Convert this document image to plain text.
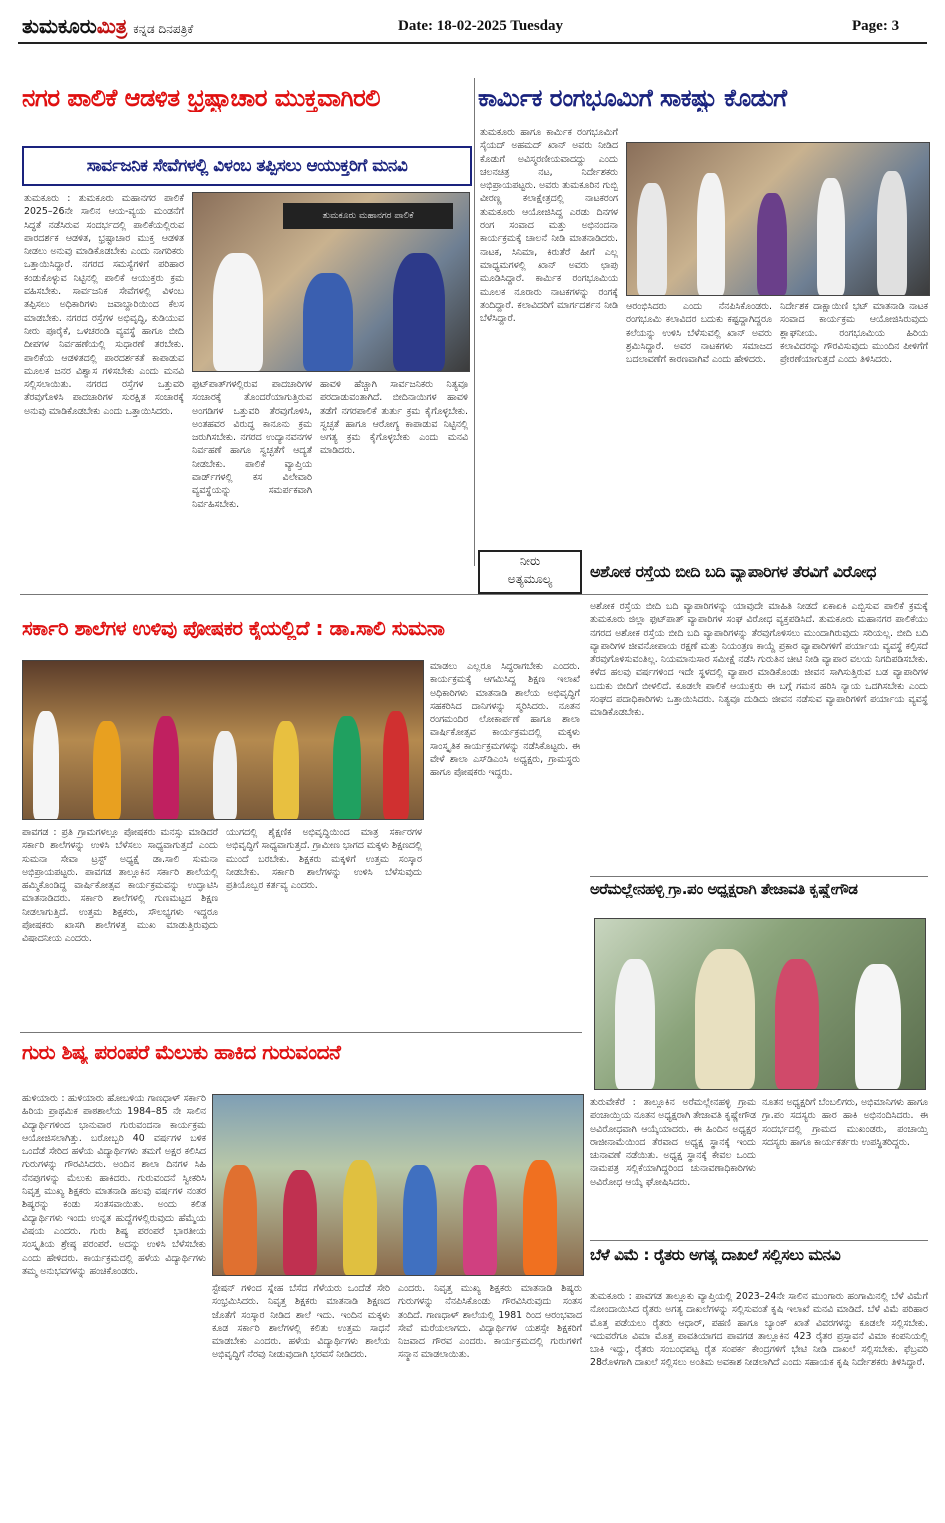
ತುಮಕೂರುಮಿತ್ರ ಕನ್ನಡ ದಿನಪತ್ರಿಕೆ	Date: 18-02-2025 Tuesday	Page: 3
ನಗರ ಪಾಲಿಕೆ ಆಡಳಿತ ಭ್ರಷ್ಟಾಚಾರ ಮುಕ್ತವಾಗಿರಲಿ	ಕಾರ್ಮಿಕ ರಂಗಭೂಮಿಗೆ ಸಾಕಷ್ಟು ಕೊಡುಗೆ
ಸಾರ್ವಜನಿಕ ಸೇವೆಗಳಲ್ಲಿ ವಿಳಂಬ ತಪ್ಪಿಸಲು ಆಯುಕ್ತರಿಗೆ ಮನವಿ
ತುಮಕೂರು : ತುಮಕೂರು ಮಹಾನಗರ ಪಾಲಿಕೆ 2025–26ನೇ ಸಾಲಿನ ಆಯ-ವ್ಯಯ ಮಂಡನೆಗೆ ಸಿದ್ಧತೆ ನಡೆಸಿರುವ ಸಂದರ್ಭದಲ್ಲಿ ಪಾಲಿಕೆಯಲ್ಲಿರುವ ಪಾರದರ್ಶಕ ಆಡಳಿತ, ಭ್ರಷ್ಟಾಚಾರ ಮುಕ್ತ ಆಡಳಿತ ನೀಡಲು ಅನುವು ಮಾಡಿಕೊಡಬೇಕು ಎಂದು ನಾಗರಿಕರು ಒತ್ತಾಯಿಸಿದ್ದಾರೆ. ನಗರದ ಸಮಸ್ಯೆಗಳಿಗೆ ಪರಿಹಾರ ಕಂಡುಕೊಳ್ಳುವ ನಿಟ್ಟಿನಲ್ಲಿ ಪಾಲಿಕೆ ಆಯುಕ್ತರು ಕ್ರಮ ವಹಿಸಬೇಕು. ಸಾರ್ವಜನಿಕ ಸೇವೆಗಳಲ್ಲಿ ವಿಳಂಬ ತಪ್ಪಿಸಲು ಅಧಿಕಾರಿಗಳು ಜವಾಬ್ದಾರಿಯಿಂದ ಕೆಲಸ ಮಾಡಬೇಕು. ನಗರದ ರಸ್ತೆಗಳ ಅಭಿವೃದ್ಧಿ, ಕುಡಿಯುವ ನೀರು ಪೂರೈಕೆ, ಒಳಚರಂಡಿ ವ್ಯವಸ್ಥೆ ಹಾಗೂ ಬೀದಿ ದೀಪಗಳ ನಿರ್ವಹಣೆಯಲ್ಲಿ ಸುಧಾರಣೆ ತರಬೇಕು. ಪಾಲಿಕೆಯ ಆಡಳಿತದಲ್ಲಿ ಪಾರದರ್ಶಕತೆ ಕಾಪಾಡುವ ಮೂಲಕ ಜನರ ವಿಶ್ವಾಸ ಗಳಿಸಬೇಕು ಎಂದು ಮನವಿ ಸಲ್ಲಿಸಲಾಯಿತು. ನಗರದ ರಸ್ತೆಗಳ ಒತ್ತುವರಿ ತೆರವುಗೊಳಿಸಿ ಪಾದಚಾರಿಗಳ ಸುರಕ್ಷಿತ ಸಂಚಾರಕ್ಕೆ ಅನುವು ಮಾಡಿಕೊಡಬೇಕು ಎಂದು ಒತ್ತಾಯಿಸಿದರು.
ತುಮಕೂರು ಮಹಾನಗರ ಪಾಲಿಕೆ
ಫುಟ್‌ಪಾತ್‌ಗಳಲ್ಲಿರುವ ಪಾದಚಾರಿಗಳ ಸಂಚಾರಕ್ಕೆ ತೊಂದರೆಯಾಗುತ್ತಿರುವ ಅಂಗಡಿಗಳ ಒತ್ತುವರಿ ತೆರವುಗೊಳಿಸಿ, ಅಂತಹವರ ವಿರುದ್ಧ ಕಾನೂನು ಕ್ರಮ ಜರುಗಿಸಬೇಕು. ನಗರದ ಉದ್ಯಾನವನಗಳ ನಿರ್ವಹಣೆ ಹಾಗೂ ಸ್ವಚ್ಛತೆಗೆ ಆದ್ಯತೆ ನೀಡಬೇಕು. ಪಾಲಿಕೆ ವ್ಯಾಪ್ತಿಯ ವಾರ್ಡ್‌ಗಳಲ್ಲಿ ಕಸ ವಿಲೇವಾರಿ ವ್ಯವಸ್ಥೆಯನ್ನು ಸಮರ್ಪಕವಾಗಿ ನಿರ್ವಹಿಸಬೇಕು.
ಹಾವಳಿ ಹೆಚ್ಚಾಗಿ ಸಾರ್ವಜನಿಕರು ನಿತ್ಯವೂ ಪರದಾಡುವಂತಾಗಿದೆ. ಬೀದಿನಾಯಿಗಳ ಹಾವಳಿ ತಡೆಗೆ ನಗರಪಾಲಿಕೆ ತುರ್ತು ಕ್ರಮ ಕೈಗೊಳ್ಳಬೇಕು. ಸ್ವಚ್ಛತೆ ಹಾಗೂ ಆರೋಗ್ಯ ಕಾಪಾಡುವ ನಿಟ್ಟಿನಲ್ಲಿ ಅಗತ್ಯ ಕ್ರಮ ಕೈಗೊಳ್ಳಬೇಕು ಎಂದು ಮನವಿ ಮಾಡಿದರು.
ತುಮಕೂರು ಹಾಗೂ ಕಾರ್ಮಿಕ ರಂಗಭೂಮಿಗೆ ಸೈಯದ್ ಅಹಮದ್ ಖಾನ್ ಅವರು ನೀಡಿದ ಕೊಡುಗೆ ಅವಿಸ್ಮರಣೀಯವಾದದ್ದು ಎಂದು ಚಲನಚಿತ್ರ ನಟ, ನಿರ್ದೇಶಕರು ಅಭಿಪ್ರಾಯಪಟ್ಟರು. ಅವರು ತುಮಕೂರಿನ ಗುಬ್ಬಿ ವೀರಣ್ಣ ಕಲಾಕ್ಷೇತ್ರದಲ್ಲಿ ನಾಟಕರಂಗ ತುಮಕೂರು ಆಯೋಜಿಸಿದ್ದ ಎರಡು ದಿನಗಳ ರಂಗ ಸಂವಾದ ಮತ್ತು ಅಭಿನಂದನಾ ಕಾರ್ಯಕ್ರಮಕ್ಕೆ ಚಾಲನೆ ನೀಡಿ ಮಾತನಾಡಿದರು. ನಾಟಕ, ಸಿನಿಮಾ, ಕಿರುತೆರೆ ಹೀಗೆ ಎಲ್ಲ ಮಾಧ್ಯಮಗಳಲ್ಲಿ ಖಾನ್ ಅವರು ಛಾಪು ಮೂಡಿಸಿದ್ದಾರೆ. ಕಾರ್ಮಿಕ ರಂಗಭೂಮಿಯ ಮೂಲಕ ನೂರಾರು ನಾಟಕಗಳನ್ನು ರಂಗಕ್ಕೆ ತಂದಿದ್ದಾರೆ. ಕಲಾವಿದರಿಗೆ ಮಾರ್ಗದರ್ಶನ ನೀಡಿ ಬೆಳೆಸಿದ್ದಾರೆ.
ಆರಂಭಿಸಿದರು ಎಂದು ನೆನಪಿಸಿಕೊಂಡರು. ರಂಗಭೂಮಿ ಕಲಾವಿದರ ಬದುಕು ಕಷ್ಟದ್ದಾಗಿದ್ದರೂ ಕಲೆಯನ್ನು ಉಳಿಸಿ ಬೆಳೆಸುವಲ್ಲಿ ಖಾನ್ ಅವರು ಶ್ರಮಿಸಿದ್ದಾರೆ. ಅವರ ನಾಟಕಗಳು ಸಮಾಜದ ಬದಲಾವಣೆಗೆ ಕಾರಣವಾಗಿವೆ ಎಂದು ಹೇಳಿದರು.
ನಿರ್ದೇಶಕ ದಾಕ್ಷಾಯಿಣಿ ಭಟ್ ಮಾತನಾಡಿ ನಾಟಕ ಸಂವಾದ ಕಾರ್ಯಕ್ರಮ ಆಯೋಜಿಸಿರುವುದು ಶ್ಲಾಘನೀಯ. ರಂಗಭೂಮಿಯ ಹಿರಿಯ ಕಲಾವಿದರನ್ನು ಗೌರವಿಸುವುದು ಮುಂದಿನ ಪೀಳಿಗೆಗೆ ಪ್ರೇರಣೆಯಾಗುತ್ತದೆ ಎಂದು ತಿಳಿಸಿದರು.
ನೀರು
ಅತ್ಯಮೂಲ್ಯ	ಅಶೋಕ ರಸ್ತೆಯ ಬೀದಿ ಬದಿ ವ್ಯಾಪಾರಿಗಳ ತೆರವಿಗೆ ವಿರೋಧ
ಸರ್ಕಾರಿ ಶಾಲೆಗಳ ಉಳಿವು ಪೋಷಕರ ಕೈಯಲ್ಲಿದೆ : ಡಾ.ಸಾಲಿ ಸುಮನಾ
ಅಶೋಕ ರಸ್ತೆಯ ಬೀದಿ ಬದಿ ವ್ಯಾಪಾರಿಗಳನ್ನು ಯಾವುದೇ ಮಾಹಿತಿ ನೀಡದೆ ಏಕಾಏಕಿ ಎಬ್ಬಿಸುವ ಪಾಲಿಕೆ ಕ್ರಮಕ್ಕೆ ತುಮಕೂರು ಜಿಲ್ಲಾ ಫುಟ್‌ಪಾತ್ ವ್ಯಾಪಾರಿಗಳ ಸಂಘ ವಿರೋಧ ವ್ಯಕ್ತಪಡಿಸಿದೆ. ತುಮಕೂರು ಮಹಾನಗರ ಪಾಲಿಕೆಯು ನಗರದ ಅಶೋಕ ರಸ್ತೆಯ ಬೀದಿ ಬದಿ ವ್ಯಾಪಾರಿಗಳನ್ನು ತೆರವುಗೊಳಿಸಲು ಮುಂದಾಗಿರುವುದು ಸರಿಯಲ್ಲ. ಬೀದಿ ಬದಿ ವ್ಯಾಪಾರಿಗಳ ಜೀವನೋಪಾಯ ರಕ್ಷಣೆ ಮತ್ತು ನಿಯಂತ್ರಣ ಕಾಯ್ದೆ ಪ್ರಕಾರ ವ್ಯಾಪಾರಿಗಳಿಗೆ ಪರ್ಯಾಯ ವ್ಯವಸ್ಥೆ ಕಲ್ಪಿಸದೆ ತೆರವುಗೊಳಿಸುವಂತಿಲ್ಲ. ನಿಯಮಾನುಸಾರ ಸಮೀಕ್ಷೆ ನಡೆಸಿ ಗುರುತಿನ ಚೀಟಿ ನೀಡಿ ವ್ಯಾಪಾರ ವಲಯ ನಿಗದಿಪಡಿಸಬೇಕು. ಕಳೆದ ಹಲವು ವರ್ಷಗಳಿಂದ ಇದೇ ಸ್ಥಳದಲ್ಲಿ ವ್ಯಾಪಾರ ಮಾಡಿಕೊಂಡು ಜೀವನ ಸಾಗಿಸುತ್ತಿರುವ ಬಡ ವ್ಯಾಪಾರಿಗಳ ಬದುಕು ಬೀದಿಗೆ ಬೀಳಲಿದೆ. ಕೂಡಲೇ ಪಾಲಿಕೆ ಆಯುಕ್ತರು ಈ ಬಗ್ಗೆ ಗಮನ ಹರಿಸಿ ನ್ಯಾಯ ಒದಗಿಸಬೇಕು ಎಂದು ಸಂಘದ ಪದಾಧಿಕಾರಿಗಳು ಒತ್ತಾಯಿಸಿದರು. ನಿತ್ಯವೂ ದುಡಿದು ಜೀವನ ನಡೆಸುವ ವ್ಯಾಪಾರಿಗಳಿಗೆ ಪರ್ಯಾಯ ವ್ಯವಸ್ಥೆ ಮಾಡಿಕೊಡಬೇಕು.
ಮಾಡಲು ಎಲ್ಲರೂ ಸಿದ್ಧರಾಗಬೇಕು ಎಂದರು. ಕಾರ್ಯಕ್ರಮಕ್ಕೆ ಆಗಮಿಸಿದ್ದ ಶಿಕ್ಷಣ ಇಲಾಖೆ ಅಧಿಕಾರಿಗಳು ಮಾತನಾಡಿ ಶಾಲೆಯ ಅಭಿವೃದ್ಧಿಗೆ ಸಹಕರಿಸಿದ ದಾನಿಗಳನ್ನು ಸ್ಮರಿಸಿದರು. ನೂತನ ರಂಗಮಂದಿರ ಲೋಕಾರ್ಪಣೆ ಹಾಗೂ ಶಾಲಾ ವಾರ್ಷಿಕೋತ್ಸವ ಕಾರ್ಯಕ್ರಮದಲ್ಲಿ ಮಕ್ಕಳು ಸಾಂಸ್ಕೃತಿಕ ಕಾರ್ಯಕ್ರಮಗಳನ್ನು ನಡೆಸಿಕೊಟ್ಟರು. ಈ ವೇಳೆ ಶಾಲಾ ಎಸ್‌ಡಿಎಂಸಿ ಅಧ್ಯಕ್ಷರು, ಗ್ರಾಮಸ್ಥರು ಹಾಗೂ ಪೋಷಕರು ಇದ್ದರು.
ಪಾವಗಡ : ಪ್ರತಿ ಗ್ರಾಮಗಳಲ್ಲೂ ಪೋಷಕರು ಮನಸ್ಸು ಮಾಡಿದರೆ ಸರ್ಕಾರಿ ಶಾಲೆಗಳನ್ನು ಉಳಿಸಿ ಬೆಳೆಸಲು ಸಾಧ್ಯವಾಗುತ್ತದೆ ಎಂದು ಸುಮನಾ ಸೇವಾ ಟ್ರಸ್ಟ್ ಅಧ್ಯಕ್ಷೆ ಡಾ.ಸಾಲಿ ಸುಮನಾ ಅಭಿಪ್ರಾಯಪಟ್ಟರು. ಪಾವಗಡ ತಾಲ್ಲೂಕಿನ ಸರ್ಕಾರಿ ಶಾಲೆಯಲ್ಲಿ ಹಮ್ಮಿಕೊಂಡಿದ್ದ ವಾರ್ಷಿಕೋತ್ಸವ ಕಾರ್ಯಕ್ರಮವನ್ನು ಉದ್ಘಾಟಿಸಿ ಮಾತನಾಡಿದರು. ಸರ್ಕಾರಿ ಶಾಲೆಗಳಲ್ಲಿ ಗುಣಮಟ್ಟದ ಶಿಕ್ಷಣ ನೀಡಲಾಗುತ್ತಿದೆ. ಉತ್ತಮ ಶಿಕ್ಷಕರು, ಸೌಲಭ್ಯಗಳು ಇದ್ದರೂ ಪೋಷಕರು ಖಾಸಗಿ ಶಾಲೆಗಳತ್ತ ಮುಖ ಮಾಡುತ್ತಿರುವುದು ವಿಷಾದನೀಯ ಎಂದರು.
ಯುಗದಲ್ಲಿ ಶೈಕ್ಷಣಿಕ ಅಭಿವೃದ್ಧಿಯಿಂದ ಮಾತ್ರ ಸರ್ಕಾರಗಳ ಅಭಿವೃದ್ಧಿಗೆ ಸಾಧ್ಯವಾಗುತ್ತದೆ. ಗ್ರಾಮೀಣ ಭಾಗದ ಮಕ್ಕಳು ಶಿಕ್ಷಣದಲ್ಲಿ ಮುಂದೆ ಬರಬೇಕು. ಶಿಕ್ಷಕರು ಮಕ್ಕಳಿಗೆ ಉತ್ತಮ ಸಂಸ್ಕಾರ ನೀಡಬೇಕು. ಸರ್ಕಾರಿ ಶಾಲೆಗಳನ್ನು ಉಳಿಸಿ ಬೆಳೆಸುವುದು ಪ್ರತಿಯೊಬ್ಬರ ಕರ್ತವ್ಯ ಎಂದರು.	ಅರೆಮಲ್ಲೇನಹಳ್ಳಿ ಗ್ರಾ.ಪಂ ಅಧ್ಯಕ್ಷರಾಗಿ ತೇಜಾವತಿ ಕೃಷ್ಣೇಗೌಡ
ಗುರು ಶಿಷ್ಯ ಪರಂಪರೆ ಮೆಲುಕು ಹಾಕಿದ ಗುರುವಂದನೆ
ಹುಳಿಯಾರು : ಹುಳಿಯಾರು ಹೋಬಳಿಯ ಗಾಣಧಾಳ್ ಸರ್ಕಾರಿ ಹಿರಿಯ ಪ್ರಾಥಮಿಕ ಪಾಠಶಾಲೆಯ 1984–85 ನೇ ಸಾಲಿನ ವಿದ್ಯಾರ್ಥಿಗಳಿಂದ ಭಾನುವಾರ ಗುರುವಂದನಾ ಕಾರ್ಯಕ್ರಮ ಆಯೋಜಿಸಲಾಗಿತ್ತು. ಬರೋಬ್ಬರಿ 40 ವರ್ಷಗಳ ಬಳಿಕ ಒಂದೆಡೆ ಸೇರಿದ ಹಳೆಯ ವಿದ್ಯಾರ್ಥಿಗಳು ತಮಗೆ ಅಕ್ಷರ ಕಲಿಸಿದ ಗುರುಗಳನ್ನು ಗೌರವಿಸಿದರು. ಅಂದಿನ ಶಾಲಾ ದಿನಗಳ ಸಿಹಿ ನೆನಪುಗಳನ್ನು ಮೆಲುಕು ಹಾಕಿದರು. ಗುರುವಂದನೆ ಸ್ವೀಕರಿಸಿ ನಿವೃತ್ತ ಮುಖ್ಯ ಶಿಕ್ಷಕರು ಮಾತನಾಡಿ ಹಲವು ವರ್ಷಗಳ ನಂತರ ಶಿಷ್ಯರನ್ನು ಕಂಡು ಸಂತಸವಾಯಿತು. ಅಂದು ಕಲಿತ ವಿದ್ಯಾರ್ಥಿಗಳು ಇಂದು ಉನ್ನತ ಹುದ್ದೆಗಳಲ್ಲಿರುವುದು ಹೆಮ್ಮೆಯ ವಿಷಯ ಎಂದರು. ಗುರು ಶಿಷ್ಯ ಪರಂಪರೆ ಭಾರತೀಯ ಸಂಸ್ಕೃತಿಯ ಶ್ರೇಷ್ಠ ಪರಂಪರೆ. ಅದನ್ನು ಉಳಿಸಿ ಬೆಳೆಸಬೇಕು ಎಂದು ಹೇಳಿದರು. ಕಾರ್ಯಕ್ರಮದಲ್ಲಿ ಹಳೆಯ ವಿದ್ಯಾರ್ಥಿಗಳು ತಮ್ಮ ಅನುಭವಗಳನ್ನು ಹಂಚಿಕೊಂಡರು.
ಸ್ಟೇಷನ್ ಗಳಿಂದ ಸ್ನೇಹ ಬೆಸೆದ ಗೆಳೆಯರು ಒಂದೆಡೆ ಸೇರಿ ಸಂಭ್ರಮಿಸಿದರು. ನಿವೃತ್ತ ಶಿಕ್ಷಕರು ಮಾತನಾಡಿ ಶಿಕ್ಷಣದ ಜೊತೆಗೆ ಸಂಸ್ಕಾರ ನೀಡಿದ ಶಾಲೆ ಇದು. ಇಂದಿನ ಮಕ್ಕಳು ಕೂಡ ಸರ್ಕಾರಿ ಶಾಲೆಗಳಲ್ಲಿ ಕಲಿತು ಉತ್ತಮ ಸಾಧನೆ ಮಾಡಬೇಕು ಎಂದರು. ಹಳೆಯ ವಿದ್ಯಾರ್ಥಿಗಳು ಶಾಲೆಯ ಅಭಿವೃದ್ಧಿಗೆ ನೆರವು ನೀಡುವುದಾಗಿ ಭರವಸೆ ನೀಡಿದರು.
ಎಂದರು. ನಿವೃತ್ತ ಮುಖ್ಯ ಶಿಕ್ಷಕರು ಮಾತನಾಡಿ ಶಿಷ್ಯರು ಗುರುಗಳನ್ನು ನೆನಪಿಸಿಕೊಂಡು ಗೌರವಿಸಿರುವುದು ಸಂತಸ ತಂದಿದೆ. ಗಾಣಧಾಳ್ ಶಾಲೆಯಲ್ಲಿ 1981 ರಿಂದ ಆರಂಭವಾದ ಸೇವೆ ಮರೆಯಲಾಗದು. ವಿದ್ಯಾರ್ಥಿಗಳ ಯಶಸ್ಸೇ ಶಿಕ್ಷಕರಿಗೆ ನಿಜವಾದ ಗೌರವ ಎಂದರು. ಕಾರ್ಯಕ್ರಮದಲ್ಲಿ ಗುರುಗಳಿಗೆ ಸನ್ಮಾನ ಮಾಡಲಾಯಿತು.
ತುರುವೇಕೆರೆ : ತಾಲ್ಲೂಕಿನ ಅರೆಮಲ್ಲೇನಹಳ್ಳಿ ಗ್ರಾಮ ಪಂಚಾಯ್ತಿಯ ನೂತನ ಅಧ್ಯಕ್ಷರಾಗಿ ತೇಜಾವತಿ ಕೃಷ್ಣೇಗೌಡ ಅವಿರೋಧವಾಗಿ ಆಯ್ಕೆಯಾದರು. ಈ ಹಿಂದಿನ ಅಧ್ಯಕ್ಷರ ರಾಜೀನಾಮೆಯಿಂದ ತೆರವಾದ ಅಧ್ಯಕ್ಷ ಸ್ಥಾನಕ್ಕೆ ಇಂದು ಚುನಾವಣೆ ನಡೆಯಿತು. ಅಧ್ಯಕ್ಷ ಸ್ಥಾನಕ್ಕೆ ಕೇವಲ ಒಂದು ನಾಮಪತ್ರ ಸಲ್ಲಿಕೆಯಾಗಿದ್ದರಿಂದ ಚುನಾವಣಾಧಿಕಾರಿಗಳು ಅವಿರೋಧ ಆಯ್ಕೆ ಘೋಷಿಸಿದರು.
ನೂತನ ಅಧ್ಯಕ್ಷರಿಗೆ ಬೆಂಬಲಿಗರು, ಅಭಿಮಾನಿಗಳು ಹಾಗೂ ಗ್ರಾ.ಪಂ ಸದಸ್ಯರು ಹಾರ ಹಾಕಿ ಅಭಿನಂದಿಸಿದರು. ಈ ಸಂದರ್ಭದಲ್ಲಿ ಗ್ರಾಮದ ಮುಖಂಡರು, ಪಂಚಾಯ್ತಿ ಸದಸ್ಯರು ಹಾಗೂ ಕಾರ್ಯಕರ್ತರು ಉಪಸ್ಥಿತರಿದ್ದರು.
ಬೆಳೆ ವಿಮೆ : ರೈತರು ಅಗತ್ಯ ದಾಖಲೆ ಸಲ್ಲಿಸಲು ಮನವಿ
ತುಮಕೂರು : ಪಾವಗಡ ತಾಲ್ಲೂಕು ವ್ಯಾಪ್ತಿಯಲ್ಲಿ 2023–24ನೇ ಸಾಲಿನ ಮುಂಗಾರು ಹಂಗಾಮಿನಲ್ಲಿ ಬೆಳೆ ವಿಮೆಗೆ ನೋಂದಾಯಿಸಿದ ರೈತರು ಅಗತ್ಯ ದಾಖಲೆಗಳನ್ನು ಸಲ್ಲಿಸುವಂತೆ ಕೃಷಿ ಇಲಾಖೆ ಮನವಿ ಮಾಡಿದೆ. ಬೆಳೆ ವಿಮೆ ಪರಿಹಾರ ಮೊತ್ತ ಪಡೆಯಲು ರೈತರು ಆಧಾರ್, ಪಹಣಿ ಹಾಗೂ ಬ್ಯಾಂಕ್ ಖಾತೆ ವಿವರಗಳನ್ನು ಕೂಡಲೇ ಸಲ್ಲಿಸಬೇಕು. ಇದುವರೆಗೂ ವಿಮಾ ಮೊತ್ತ ಪಾವತಿಯಾಗದ ಪಾವಗಡ ತಾಲ್ಲೂಕಿನ 423 ರೈತರ ಪ್ರಸ್ತಾವನೆ ವಿಮಾ ಕಂಪನಿಯಲ್ಲಿ ಬಾಕಿ ಇದ್ದು, ರೈತರು ಸಂಬಂಧಪಟ್ಟ ರೈತ ಸಂಪರ್ಕ ಕೇಂದ್ರಗಳಿಗೆ ಭೇಟಿ ನೀಡಿ ದಾಖಲೆ ಸಲ್ಲಿಸಬೇಕು. ಫೆಬ್ರವರಿ 28ರೊಳಗಾಗಿ ದಾಖಲೆ ಸಲ್ಲಿಸಲು ಅಂತಿಮ ಅವಕಾಶ ನೀಡಲಾಗಿದೆ ಎಂದು ಸಹಾಯಕ ಕೃಷಿ ನಿರ್ದೇಶಕರು ತಿಳಿಸಿದ್ದಾರೆ.
